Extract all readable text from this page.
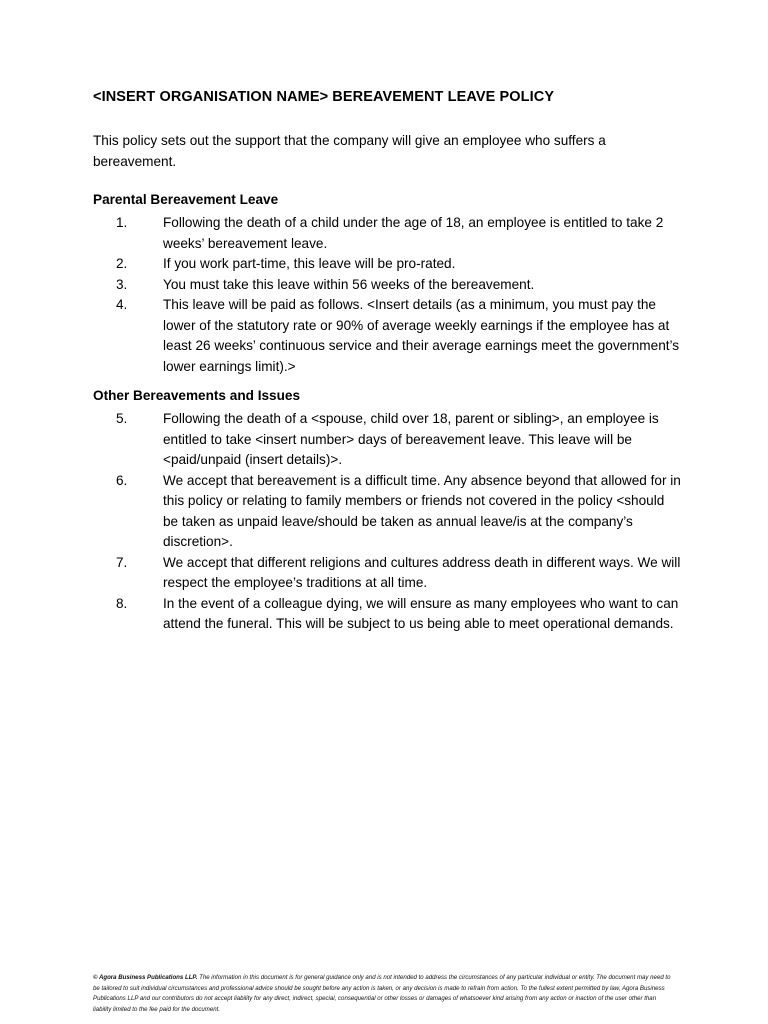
<INSERT ORGANISATION NAME> BEREAVEMENT LEAVE POLICY
This policy sets out the support that the company will give an employee who suffers a bereavement.
Parental Bereavement Leave
1.	Following the death of a child under the age of 18, an employee is entitled to take 2 weeks’ bereavement leave.
2.	If you work part-time, this leave will be pro-rated.
3.	You must take this leave within 56 weeks of the bereavement.
4.	This leave will be paid as follows. <Insert details (as a minimum, you must pay the lower of the statutory rate or 90% of average weekly earnings if the employee has at least 26 weeks’ continuous service and their average earnings meet the government’s lower earnings limit).>
Other Bereavements and Issues
5.	Following the death of a <spouse, child over 18, parent or sibling>, an employee is entitled to take <insert number> days of bereavement leave. This leave will be <paid/unpaid (insert details)>.
6.	We accept that bereavement is a difficult time. Any absence beyond that allowed for in this policy or relating to family members or friends not covered in the policy <should be taken as unpaid leave/should be taken as annual leave/is at the company’s discretion>.
7.	We accept that different religions and cultures address death in different ways. We will respect the employee’s traditions at all time.
8.	In the event of a colleague dying, we will ensure as many employees who want to can attend the funeral. This will be subject to us being able to meet operational demands.
© Agora Business Publications LLP. The information in this document is for general guidance only and is not intended to address the circumstances of any particular individual or entity. The document may need to be tailored to suit individual circumstances and professional advice should be sought before any action is taken, or any decision is made to refrain from action. To the fullest extent permitted by law, Agora Business Publications LLP and our contributors do not accept liability for any direct, indirect, special, consequential or other losses or damages of whatsoever kind arising from any action or inaction of the user other than liability limited to the fee paid for the document.
